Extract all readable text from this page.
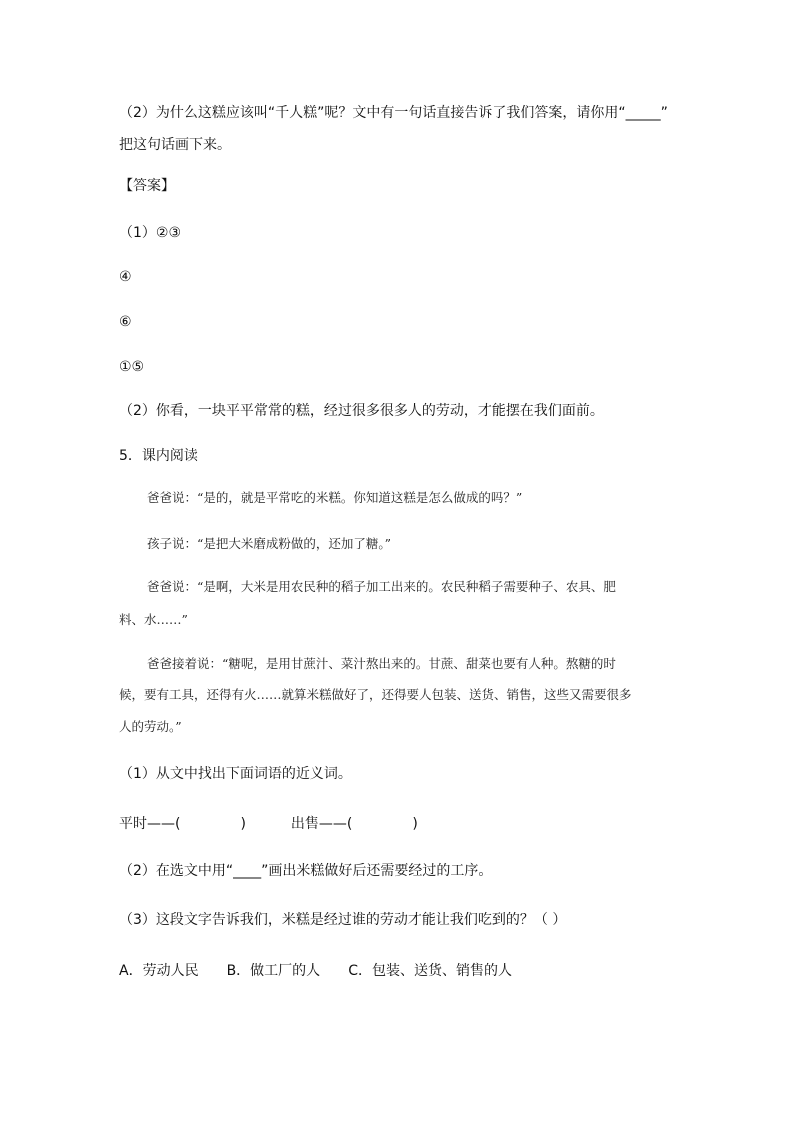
（2）为什么这糕应该叫“千人糕”呢？文中有一句话直接告诉了我们答案，请你用“_____”
把这句话画下来。
【答案】
（1）②③
④
⑥
①⑤
（2）你看，一块平平常常的糕，经过很多很多人的劳动，才能摆在我们面前。
5．课内阅读
爸爸说：“是的，就是平常吃的米糕。你知道这糕是怎么做成的吗？”
孩子说：“是把大米磨成粉做的，还加了糖。”
爸爸说：“是啊，大米是用农民种的稻子加工出来的。农民种稻子需要种子、农具、肥
料、水……”
爸爸接着说：“糖呢，是用甘蔗汁、菜汁熬出来的。甘蔗、甜菜也要有人种。熬糖的时
候，要有工具，还得有火……就算米糕做好了，还得要人包装、送货、销售，这些又需要很多
人的劳动。”
（1）从文中找出下面词语的近义词。
平时——(	)	出售——(	)
（2）在选文中用“____”画出米糕做好后还需要经过的工序。
（3）这段文字告诉我们，米糕是经过谁的劳动才能让我们吃到的？（ ）
A．劳动人民 B．做工厂的人 C．包装、送货、销售的人
